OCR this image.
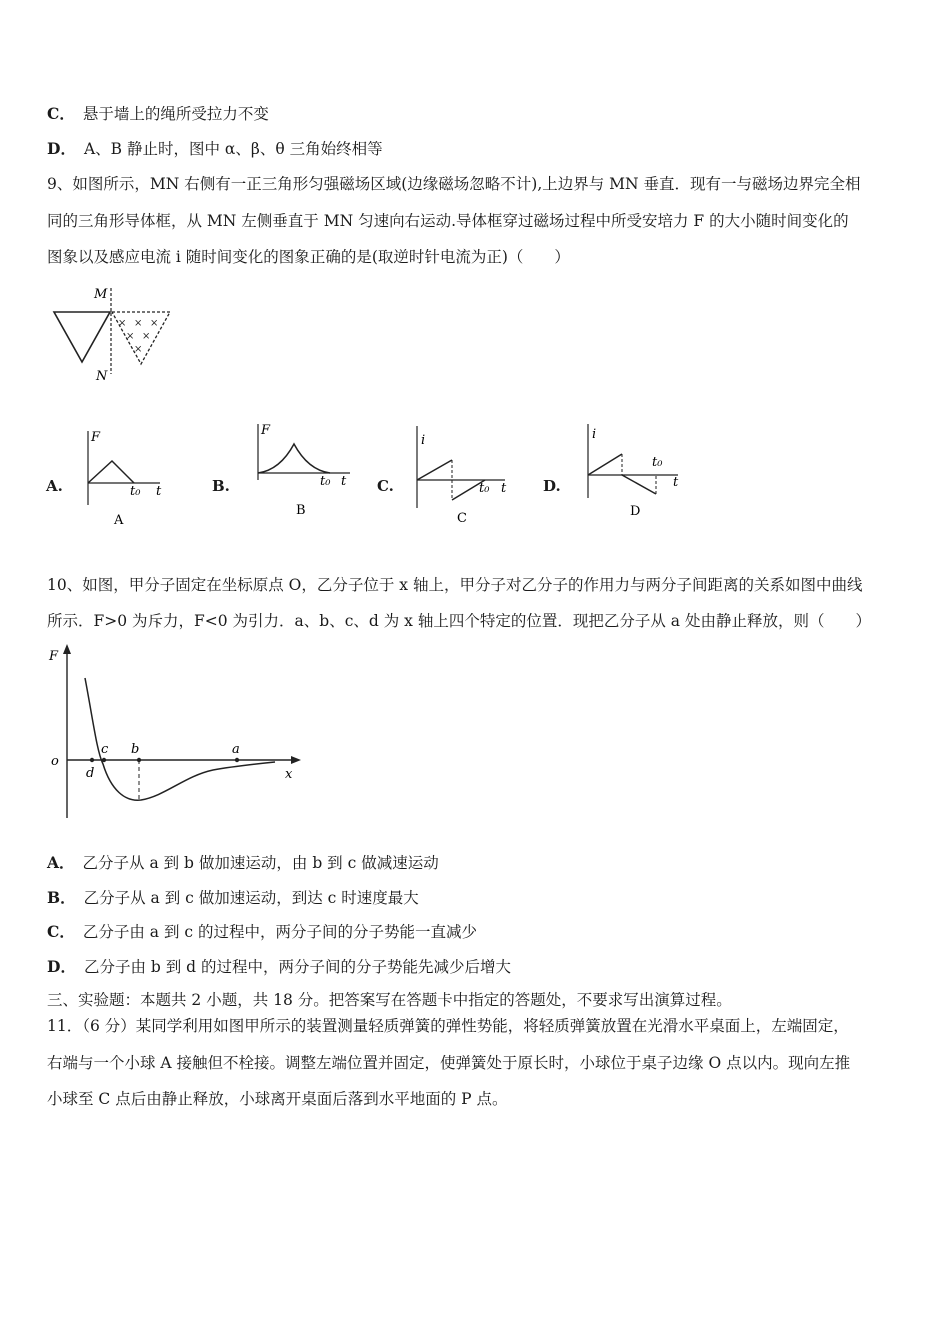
C． 悬于墙上的绳所受拉力不变
D． A、B 静止时，图中 α、β、θ 三角始终相等
9、如图所示，MN 右侧有一正三角形匀强磁场区域(边缘磁场忽略不计),上边界与 MN 垂直．现有一与磁场边界完全相
同的三角形导体框，从 MN 左侧垂直于 MN 匀速向右运动.导体框穿过磁场过程中所受安培力 F 的大小随时间变化的
图象以及感应电流 i 随时间变化的图象正确的是(取逆时针电流为正)（　　）
M
N
× × ×
× ×
×
A.
F
t
t₀
A
B.
F
t
t₀
B
C.
i
t
t₀
C
D.
i
t
t₀
D
10、如图，甲分子固定在坐标原点 O，乙分子位于 x 轴上，甲分子对乙分子的作用力与两分子间距离的关系如图中曲线
所示．F>0 为斥力，F<0 为引力．a、b、c、d 为 x 轴上四个特定的位置．现把乙分子从 a 处由静止释放，则（　　）
F
o
x
d
c b	a
A． 乙分子从 a 到 b 做加速运动，由 b 到 c 做减速运动
B． 乙分子从 a 到 c 做加速运动，到达 c 时速度最大
C． 乙分子由 a 到 c 的过程中，两分子间的分子势能一直减少
D． 乙分子由 b 到 d 的过程中，两分子间的分子势能先减少后增大
三、实验题：本题共 2 小题，共 18 分。把答案写在答题卡中指定的答题处，不要求写出演算过程。
11．（6 分）某同学利用如图甲所示的装置测量轻质弹簧的弹性势能，将轻质弹簧放置在光滑水平桌面上，左端固定，
右端与一个小球 A 接触但不栓接。调整左端位置并固定，使弹簧处于原长时，小球位于桌子边缘 O 点以内。现向左推
小球至 C 点后由静止释放，小球离开桌面后落到水平地面的 P 点。
